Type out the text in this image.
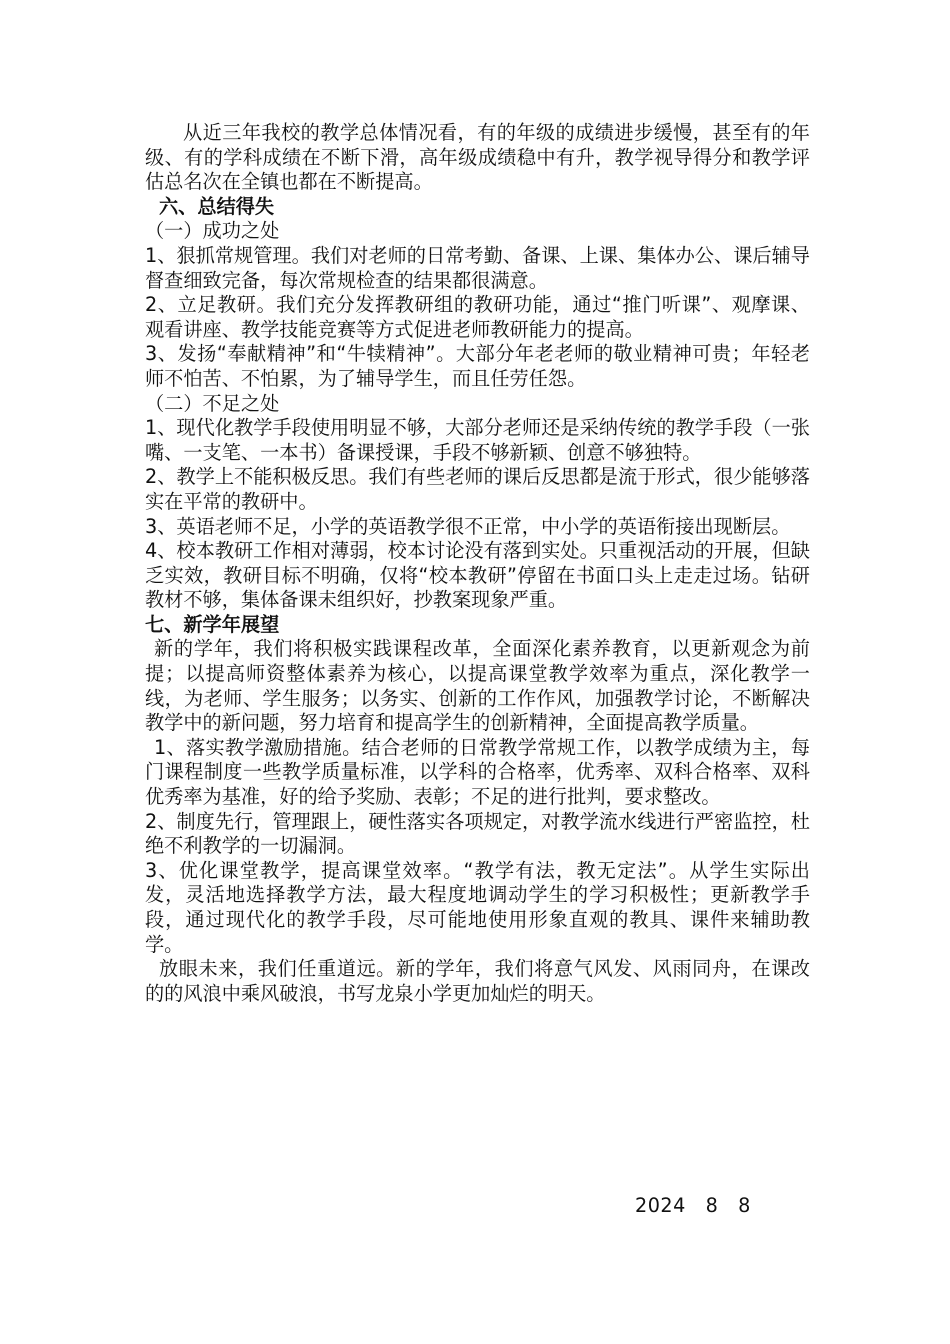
从近三年我校的教学总体情况看，有的年级的成绩进步缓慢，甚至有的年级、有的学科成绩在不断下滑，高年级成绩稳中有升，教学视导得分和教学评估总名次在全镇也都在不断提高。

六、总结得失

（一）成功之处

1、狠抓常规管理。我们对老师的日常考勤、备课、上课、集体办公、课后辅导督查细致完备，每次常规检查的结果都很满意。

2、立足教研。我们充分发挥教研组的教研功能，通过“推门听课”、观摩课、观看讲座、教学技能竞赛等方式促进老师教研能力的提高。

3、发扬“奉献精神”和“牛犊精神”。大部分年老老师的敬业精神可贵；年轻老师不怕苦、不怕累，为了辅导学生，而且任劳任怨。

（二）不足之处

1、现代化教学手段使用明显不够，大部分老师还是采纳传统的教学手段（一张嘴、一支笔、一本书）备课授课，手段不够新颖、创意不够独特。

2、教学上不能积极反思。我们有些老师的课后反思都是流于形式，很少能够落实在平常的教研中。

3、英语老师不足，小学的英语教学很不正常，中小学的英语衔接出现断层。

4、校本教研工作相对薄弱，校本讨论没有落到实处。只重视活动的开展，但缺乏实效，教研目标不明确，仅将“校本教研”停留在书面口头上走走过场。钻研教材不够，集体备课未组织好，抄教案现象严重。

七、新学年展望

新的学年，我们将积极实践课程改革，全面深化素养教育，以更新观念为前提；以提高师资整体素养为核心，以提高课堂教学效率为重点，深化教学一线，为老师、学生服务；以务实、创新的工作作风，加强教学讨论，不断解决教学中的新问题，努力培育和提高学生的创新精神，全面提高教学质量。

1、落实教学激励措施。结合老师的日常教学常规工作，以教学成绩为主，每门课程制度一些教学质量标准，以学科的合格率，优秀率、双科合格率、双科优秀率为基准，好的给予奖励、表彰；不足的进行批判，要求整改。

2、制度先行，管理跟上，硬性落实各项规定，对教学流水线进行严密监控，杜绝不利教学的一切漏洞。

3、优化课堂教学，提高课堂效率。“教学有法，教无定法”。从学生实际出发，灵活地选择教学方法，最大程度地调动学生的学习积极性；更新教学手段，通过现代化的教学手段，尽可能地使用形象直观的教具、课件来辅助教学。

放眼未来，我们任重道远。新的学年，我们将意气风发、风雨同舟，在课改的的风浪中乘风破浪，书写龙泉小学更加灿烂的明天。

2024   8   8
